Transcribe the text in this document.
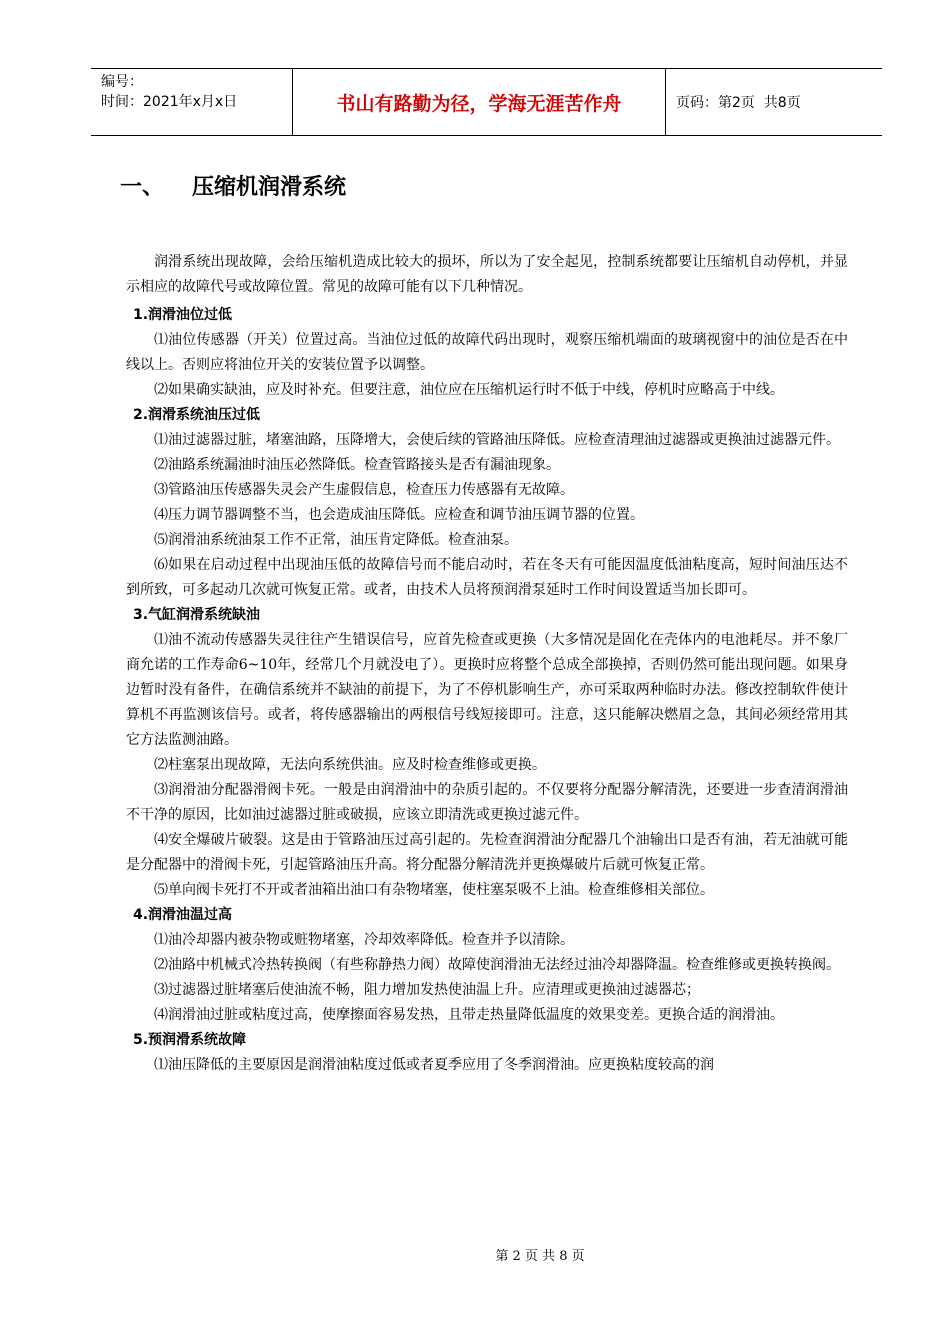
编号：
时间：2021年x月x日	书山有路勤为径，学海无涯苦作舟	页码：第2页  共8页
一、 压缩机润滑系统

润滑系统出现故障，会给压缩机造成比较大的损坏，所以为了安全起见，控制系统都要让压缩机自动停机，并显示相应的故障代号或故障位置。常见的故障可能有以下几种情况。

1.润滑油位过低

⑴油位传感器（开关）位置过高。当油位过低的故障代码出现时，观察压缩机端面的玻璃视窗中的油位是否在中线以上。否则应将油位开关的安装位置予以调整。

⑵如果确实缺油，应及时补充。但要注意，油位应在压缩机运行时不低于中线，停机时应略高于中线。

2.润滑系统油压过低

⑴油过滤器过脏，堵塞油路，压降增大，会使后续的管路油压降低。应检查清理油过滤器或更换油过滤器元件。

⑵油路系统漏油时油压必然降低。检查管路接头是否有漏油现象。

⑶管路油压传感器失灵会产生虚假信息，检查压力传感器有无故障。

⑷压力调节器调整不当，也会造成油压降低。应检查和调节油压调节器的位置。

⑸润滑油系统油泵工作不正常，油压肯定降低。检查油泵。

⑹如果在启动过程中出现油压低的故障信号而不能启动时，若在冬天有可能因温度低油粘度高，短时间油压达不到所致，可多起动几次就可恢复正常。或者，由技术人员将预润滑泵延时工作时间设置适当加长即可。

3.气缸润滑系统缺油

⑴油不流动传感器失灵往往产生错误信号，应首先检查或更换（大多情况是固化在壳体内的电池耗尽。并不象厂商允诺的工作寿命6~10年，经常几个月就没电了）。更换时应将整个总成全部换掉，否则仍然可能出现问题。如果身边暂时没有备件，在确信系统并不缺油的前提下，为了不停机影响生产，亦可采取两种临时办法。修改控制软件使计算机不再监测该信号。或者，将传感器输出的两根信号线短接即可。注意，这只能解决燃眉之急，其间必须经常用其它方法监测油路。

⑵柱塞泵出现故障，无法向系统供油。应及时检查维修或更换。

⑶润滑油分配器滑阀卡死。一般是由润滑油中的杂质引起的。不仅要将分配器分解清洗，还要进一步查清润滑油不干净的原因，比如油过滤器过脏或破损，应该立即清洗或更换过滤元件。

⑷安全爆破片破裂。这是由于管路油压过高引起的。先检查润滑油分配器几个油输出口是否有油，若无油就可能是分配器中的滑阀卡死，引起管路油压升高。将分配器分解清洗并更换爆破片后就可恢复正常。

⑸单向阀卡死打不开或者油箱出油口有杂物堵塞，使柱塞泵吸不上油。检查维修相关部位。

4.润滑油温过高

⑴油冷却器内被杂物或赃物堵塞，冷却效率降低。检查并予以清除。

⑵油路中机械式冷热转换阀（有些称静热力阀）故障使润滑油无法经过油冷却器降温。检查维修或更换转换阀。

⑶过滤器过脏堵塞后使油流不畅，阻力增加发热使油温上升。应清理或更换油过滤器芯；

⑷润滑油过脏或粘度过高，使摩擦面容易发热，且带走热量降低温度的效果变差。更换合适的润滑油。

5.预润滑系统故障

⑴油压降低的主要原因是润滑油粘度过低或者夏季应用了冬季润滑油。应更换粘度较高的润

第 2 页 共 8 页
